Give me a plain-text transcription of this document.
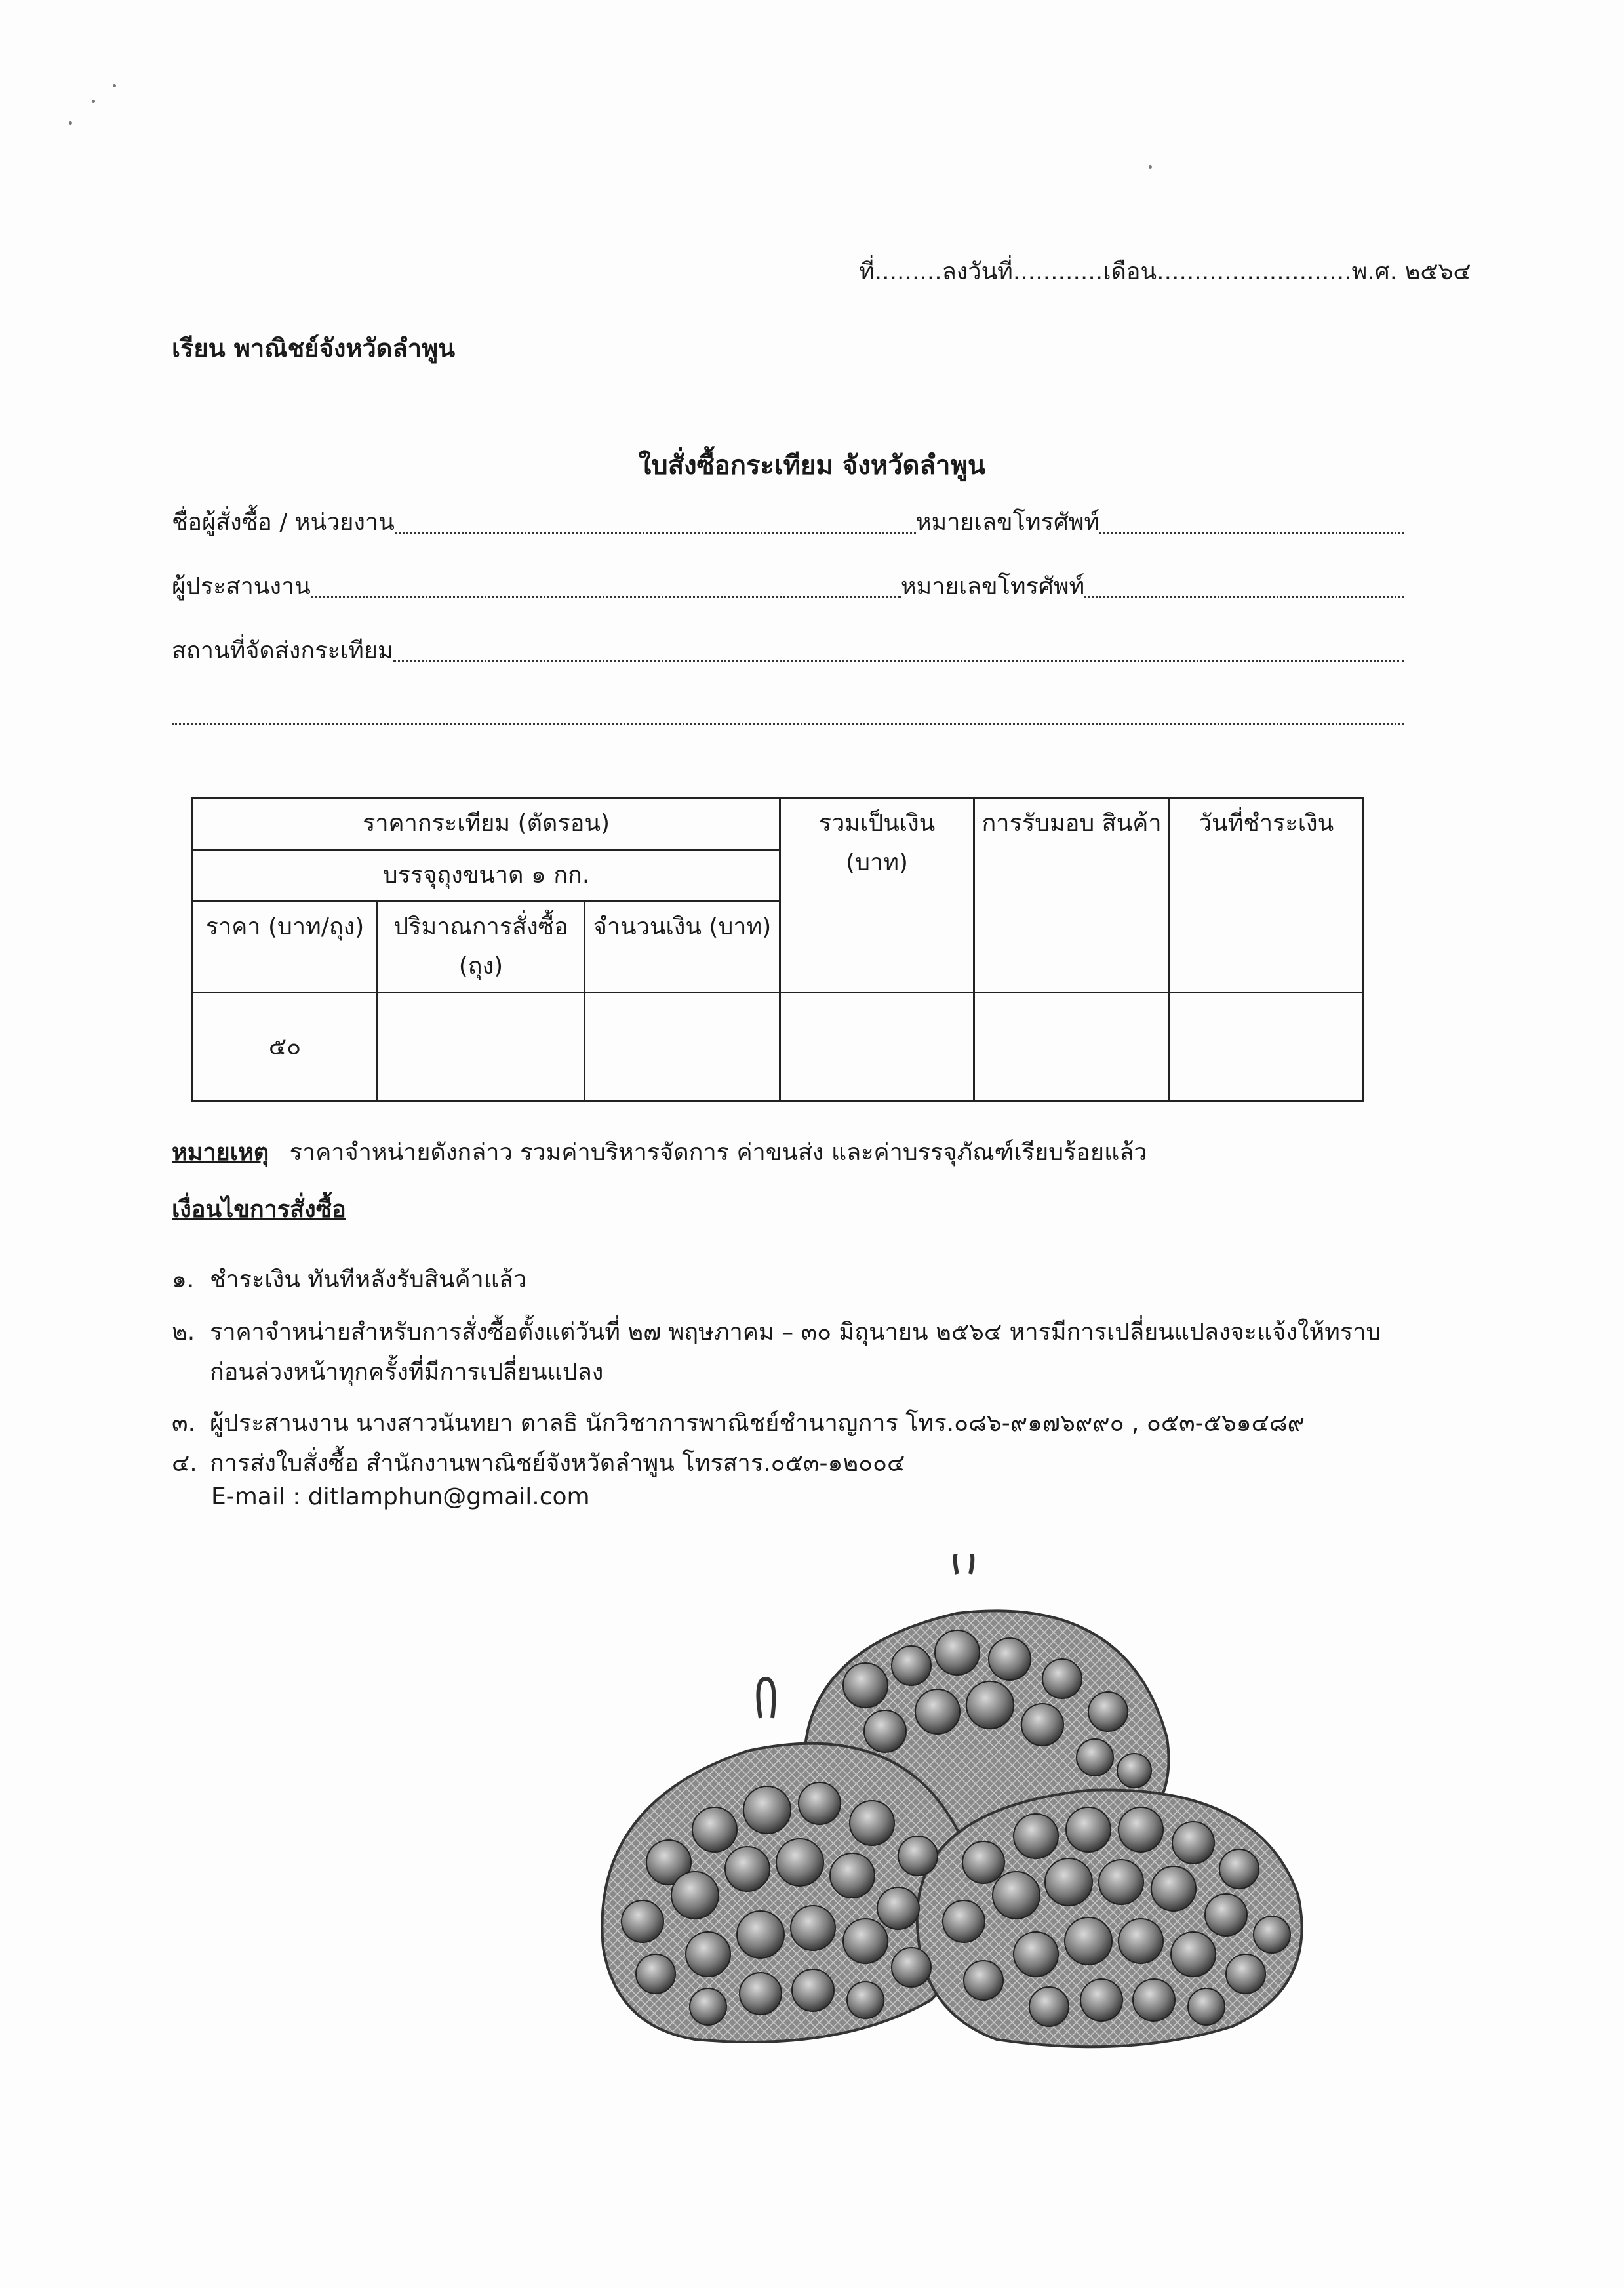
ที่.........ลงวันที่............เดือน..........................พ.ศ. ๒๕๖๔
เรียน พาณิชย์จังหวัดลำพูน
ใบสั่งซื้อกระเทียม จังหวัดลำพูน
ชื่อผู้สั่งซื้อ / หน่วยงาน	หมายเลขโทรศัพท์
ผู้ประสานงาน	หมายเลขโทรศัพท์
สถานที่จัดส่งกระเทียม
ราคากระเทียม (ตัดรอน)			รวมเป็นเงิน (บาท)	การรับมอบ สินค้า	วันที่ชำระเงิน
บรรจุถุงขนาด ๑ กก.					
ราคา (บาท/ถุง)	ปริมาณการสั่งซื้อ (ถุง)	จำนวนเงิน (บาท)			
๕๐					
หมายเหตุ ราคาจำหน่ายดังกล่าว รวมค่าบริหารจัดการ ค่าขนส่ง และค่าบรรจุภัณฑ์เรียบร้อยแล้ว
เงื่อนไขการสั่งซื้อ
๑. ชำระเงิน ทันทีหลังรับสินค้าแล้ว
๒. ราคาจำหน่ายสำหรับการสั่งซื้อตั้งแต่วันที่ ๒๗ พฤษภาคม – ๓๐ มิถุนายน ๒๕๖๔ หารมีการเปลี่ยนแปลงจะแจ้งให้ทราบ
ก่อนล่วงหน้าทุกครั้งที่มีการเปลี่ยนแปลง
๓. ผู้ประสานงาน นางสาวนันทยา ตาลธิ นักวิชาการพาณิชย์ชำนาญการ โทร.๐๘๖-๙๑๗๖๙๙๐ , ๐๕๓-๕๖๑๔๘๙
๔. การส่งใบสั่งซื้อ สำนักงานพาณิชย์จังหวัดลำพูน โทรสาร.๐๕๓-๑๒๐๐๔
E-mail : ditlamphun@gmail.com
